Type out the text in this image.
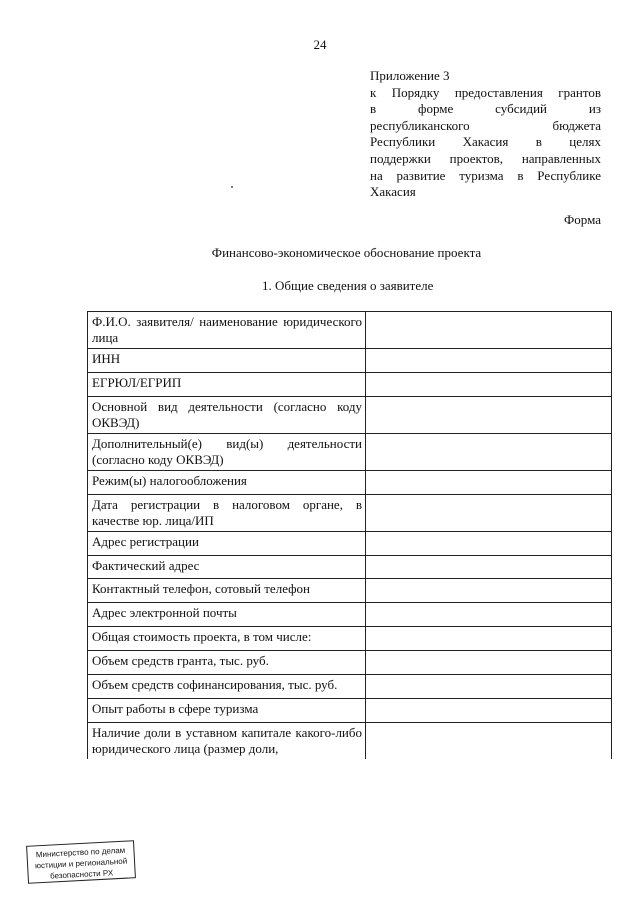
24
Приложение 3
к Порядку предоставления грантов
в форме субсидий из
республиканского бюджета
Республики Хакасия в целях
поддержки проектов, направленных
на развитие туризма в Республике
Хакасия
Форма
Финансово-экономическое обоснование проекта
1. Общие сведения о заявителе
Ф.И.О. заявителя/ наименование юридического лица	
ИНН	
ЕГРЮЛ/ЕГРИП	
Основной вид деятельности (согласно коду ОКВЭД)	
Дополнительный(е) вид(ы) деятельности (согласно коду ОКВЭД)	
Режим(ы) налогообложения	
Дата регистрации в налоговом органе, в качестве юр. лица/ИП	
Адрес регистрации	
Фактический адрес	
Контактный телефон, сотовый телефон	
Адрес электронной почты	
Общая стоимость проекта, в том числе:	
Объем средств гранта, тыс. руб.	
Объем средств софинансирования, тыс. руб.	
Опыт работы в сфере туризма	
Наличие доли в уставном капитале какого-либо юридического лица (размер доли,	
Министерство по делам
юстиции и региональной
безопасности РХ
